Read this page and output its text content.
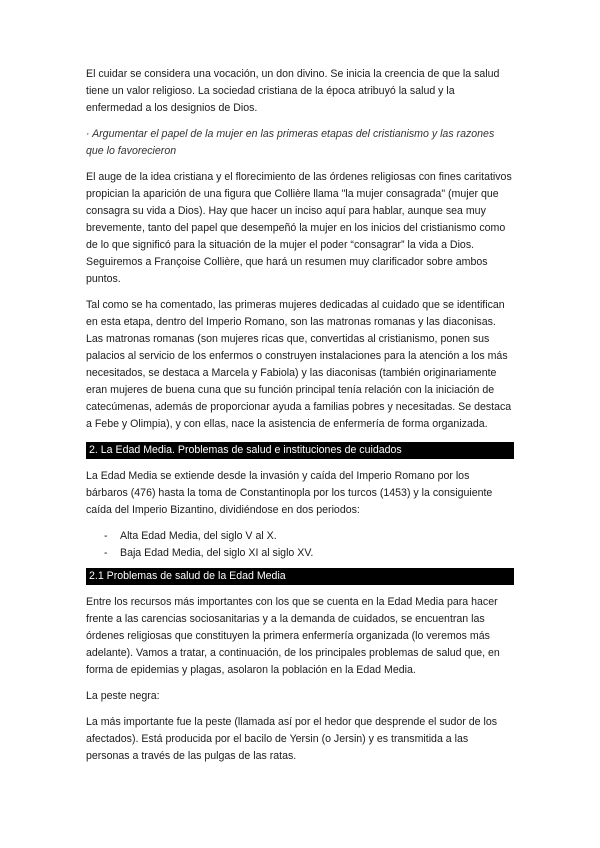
El cuidar se considera una vocación, un don divino. Se inicia la creencia de que la salud tiene un valor religioso. La sociedad cristiana de la época atribuyó la salud y la enfermedad a los designios de Dios.

· Argumentar el papel de la mujer en las primeras etapas del cristianismo y las razones que lo favorecieron

El auge de la idea cristiana y el florecimiento de las órdenes religiosas con fines caritativos propician la aparición de una figura que Collière llama "la mujer consagrada" (mujer que consagra su vida a Dios). Hay que hacer un inciso aquí para hablar, aunque sea muy brevemente, tanto del papel que desempeñó la mujer en los inicios del cristianismo como de lo que significó para la situación de la mujer el poder “consagrar” la vida a Dios. Seguiremos a Françoise Collière, que hará un resumen muy clarificador sobre ambos puntos.

Tal como se ha comentado, las primeras mujeres dedicadas al cuidado que se identifican en esta etapa, dentro del Imperio Romano, son las matronas romanas y las diaconisas. Las matronas romanas (son mujeres ricas que, convertidas al cristianismo, ponen sus palacios al servicio de los enfermos o construyen instalaciones para la atención a los más necesitados, se destaca a Marcela y Fabiola) y las diaconisas (también originariamente eran mujeres de buena cuna que su función principal tenía relación con la iniciación de catecúmenas, además de proporcionar ayuda a familias pobres y necesitadas. Se destaca a Febe y Olimpia), y con ellas, nace la asistencia de enfermería de forma organizada.

2. La Edad Media. Problemas de salud e instituciones de cuidados

La Edad Media se extiende desde la invasión y caída del Imperio Romano por los bárbaros (476) hasta la toma de Constantinopla por los turcos (1453) y la consiguiente caída del Imperio Bizantino, dividiéndose en dos periodos:

- Alta Edad Media, del siglo V al X.
- Baja Edad Media, del siglo XI al siglo XV.
2.1 Problemas de salud de la Edad Media

Entre los recursos más importantes con los que se cuenta en la Edad Media para hacer frente a las carencias sociosanitarias y a la demanda de cuidados, se encuentran las órdenes religiosas que constituyen la primera enfermería organizada (lo veremos más adelante). Vamos a tratar, a continuación, de los principales problemas de salud que, en forma de epidemias y plagas, asolaron la población en la Edad Media.

La peste negra:

La más importante fue la peste (llamada así por el hedor que desprende el sudor de los afectados). Está producida por el bacilo de Yersin (o Jersin) y es transmitida a las personas a través de las pulgas de las ratas.
